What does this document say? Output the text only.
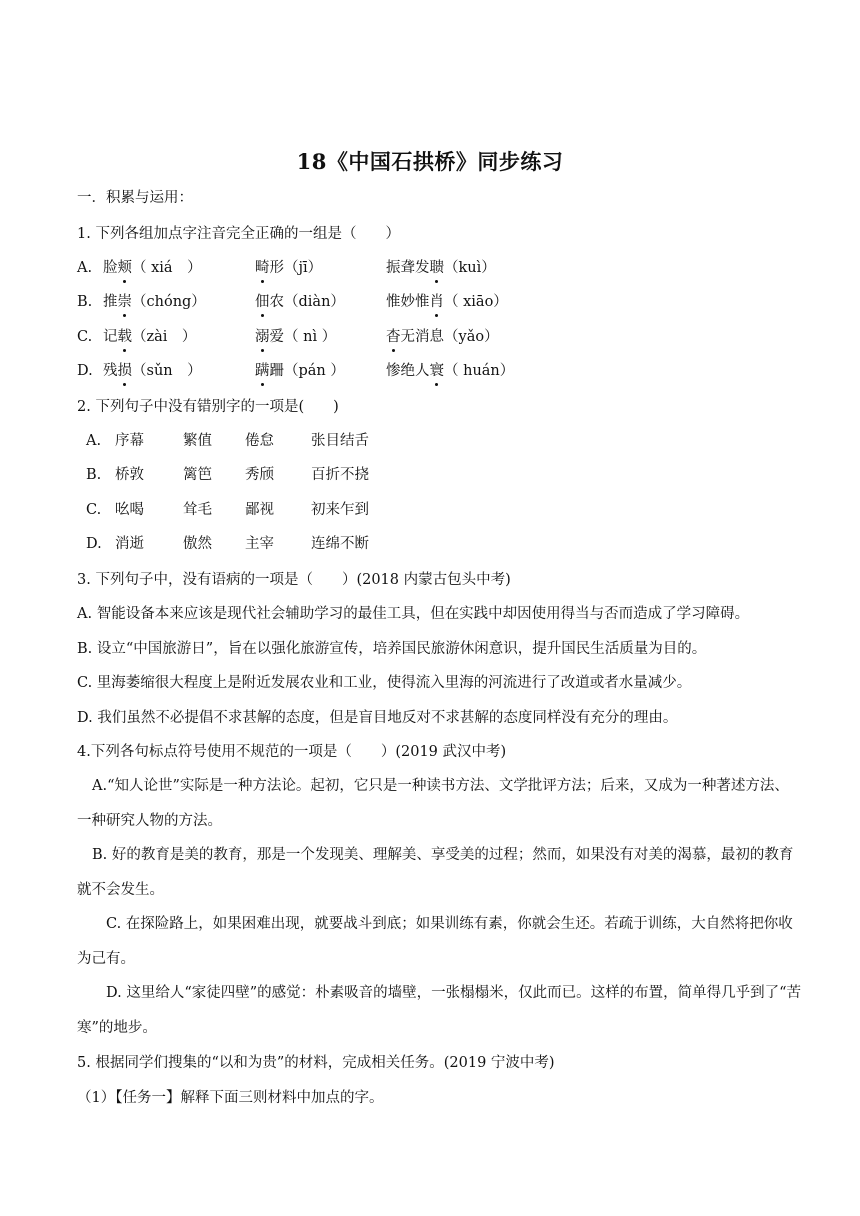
18《中国石拱桥》同步练习
一．积累与运用：
1. 下列各组加点字注音完全正确的一组是（　　）
A. 脸颊（ xiá　）	畸形（jī）	振聋发聩（kuì）
B. 推崇（chóng）	佃农（diàn）	惟妙惟肖（ xiāo）
C. 记载（zài　）	溺爱（ nì ）	杳无消息（yǎo）
D. 残损（sǔn　）	蹒跚（pán ）	惨绝人寰（ huán）
2. 下列句子中没有错别字的一项是(　　)
A. 序幕	繁值 倦怠	张目结舌
B. 桥敦	篱笆 秀颀	百折不挠
C. 吆喝	耸毛 鄙视	初来乍到
D. 消逝	傲然 主宰	连绵不断
3. 下列句子中，没有语病的一项是（　　）(2018 内蒙古包头中考)
A. 智能设备本来应该是现代社会辅助学习的最佳工具，但在实践中却因使用得当与否而造成了学习障碍。
B. 设立“中国旅游日”，旨在以强化旅游宣传，培养国民旅游休闲意识，提升国民生活质量为目的。
C. 里海萎缩很大程度上是附近发展农业和工业，使得流入里海的河流进行了改道或者水量减少。
D. 我们虽然不必提倡不求甚解的态度，但是盲目地反对不求甚解的态度同样没有充分的理由。
4.下列各句标点符号使用不规范的一项是（　　）(2019 武汉中考)
A.“知人论世”实际是一种方法论。起初，它只是一种读书方法、文学批评方法；后来，又成为一种著述方法、一种研究人物的方法。
B. 好的教育是美的教育，那是一个发现美、理解美、享受美的过程；然而，如果没有对美的渴慕，最初的教育就不会发生。
C. 在探险路上，如果困难出现，就要战斗到底；如果训练有素，你就会生还。若疏于训练，大自然将把你收为己有。
D. 这里给人“家徒四壁”的感觉：朴素吸音的墙壁，一张榻榻米，仅此而已。这样的布置，简单得几乎到了“苦寒”的地步。
5. 根据同学们搜集的“以和为贵”的材料，完成相关任务。(2019 宁波中考)
（1）【任务一】解释下面三则材料中加点的字。
